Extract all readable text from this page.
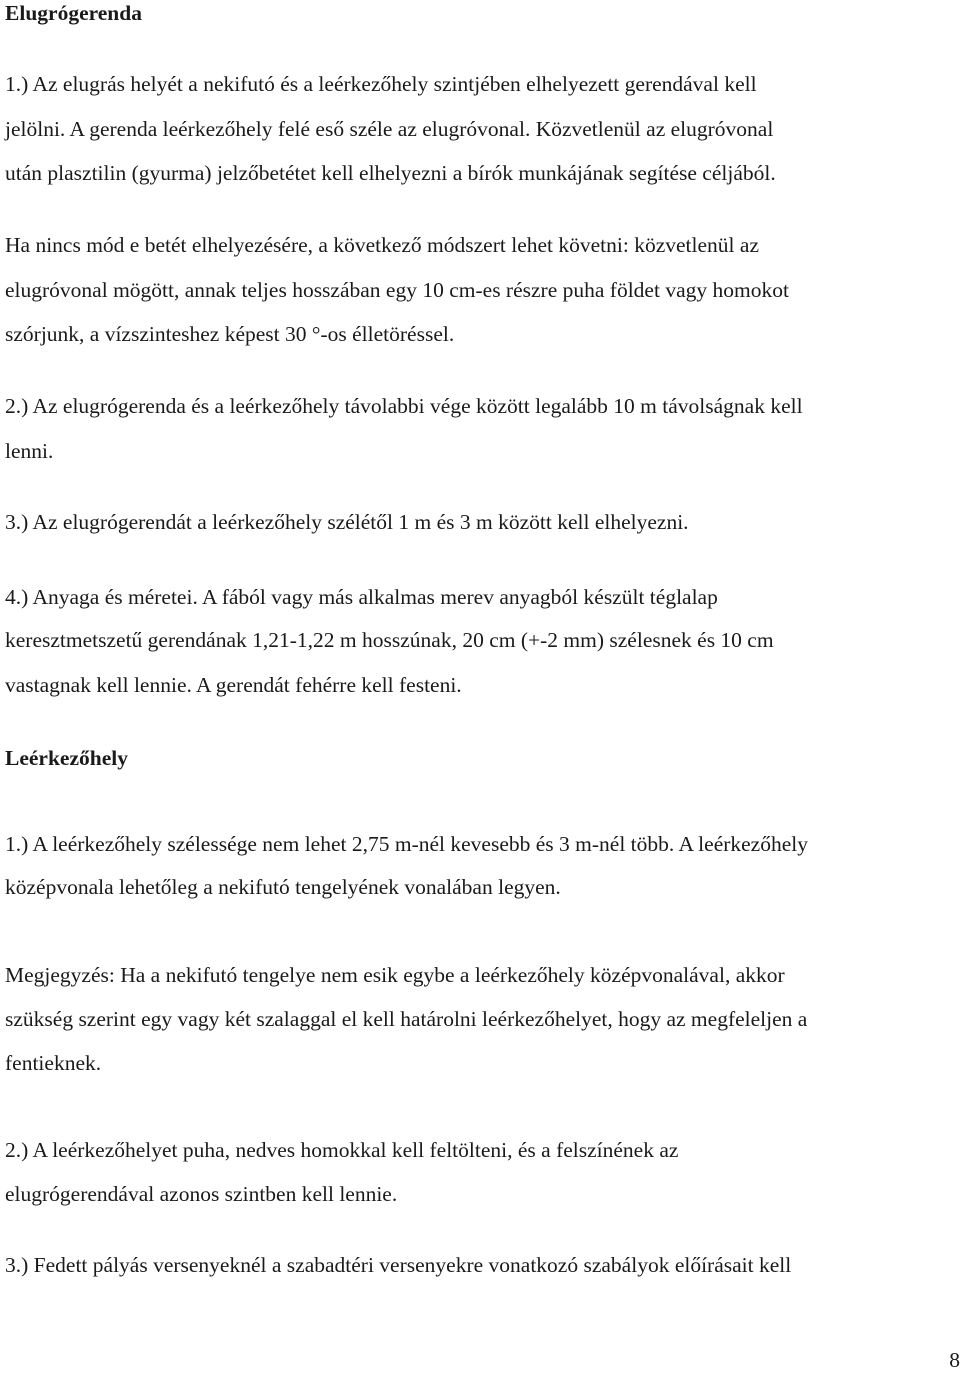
Elugrógerenda
1.) Az elugrás helyét a nekifutó és a leérkezőhely szintjében elhelyezett gerendával kell
jelölni. A gerenda leérkezőhely felé eső széle az elugróvonal. Közvetlenül az elugróvonal
után plasztilin (gyurma) jelzőbetétet kell elhelyezni a bírók munkájának segítése céljából.
Ha nincs mód e betét elhelyezésére, a következő módszert lehet követni: közvetlenül az
elugróvonal mögött, annak teljes hosszában egy 10 cm-es részre puha földet vagy homokot
szórjunk, a vízszinteshez képest 30 °-os élletöréssel.
2.) Az elugrógerenda és a leérkezőhely távolabbi vége között legalább 10 m távolságnak kell
lenni.
3.) Az elugrógerendát a leérkezőhely szélétől 1 m és 3 m között kell elhelyezni.
4.) Anyaga és méretei. A fából vagy más alkalmas merev anyagból készült téglalap
keresztmetszetű gerendának 1,21-1,22 m hosszúnak, 20 cm (+-2 mm) szélesnek és 10 cm
vastagnak kell lennie. A gerendát fehérre kell festeni.
Leérkezőhely
1.) A leérkezőhely szélessége nem lehet 2,75 m-nél kevesebb és 3 m-nél több. A leérkezőhely
középvonala lehetőleg a nekifutó tengelyének vonalában legyen.
Megjegyzés: Ha a nekifutó tengelye nem esik egybe a leérkezőhely középvonalával, akkor
szükség szerint egy vagy két szalaggal el kell határolni leérkezőhelyet, hogy az megfeleljen a
fentieknek.
2.) A leérkezőhelyet puha, nedves homokkal kell feltölteni, és a felszínének az
elugrógerendával azonos szintben kell lennie.
3.) Fedett pályás versenyeknél a szabadtéri versenyekre vonatkozó szabályok előírásait kell
8
